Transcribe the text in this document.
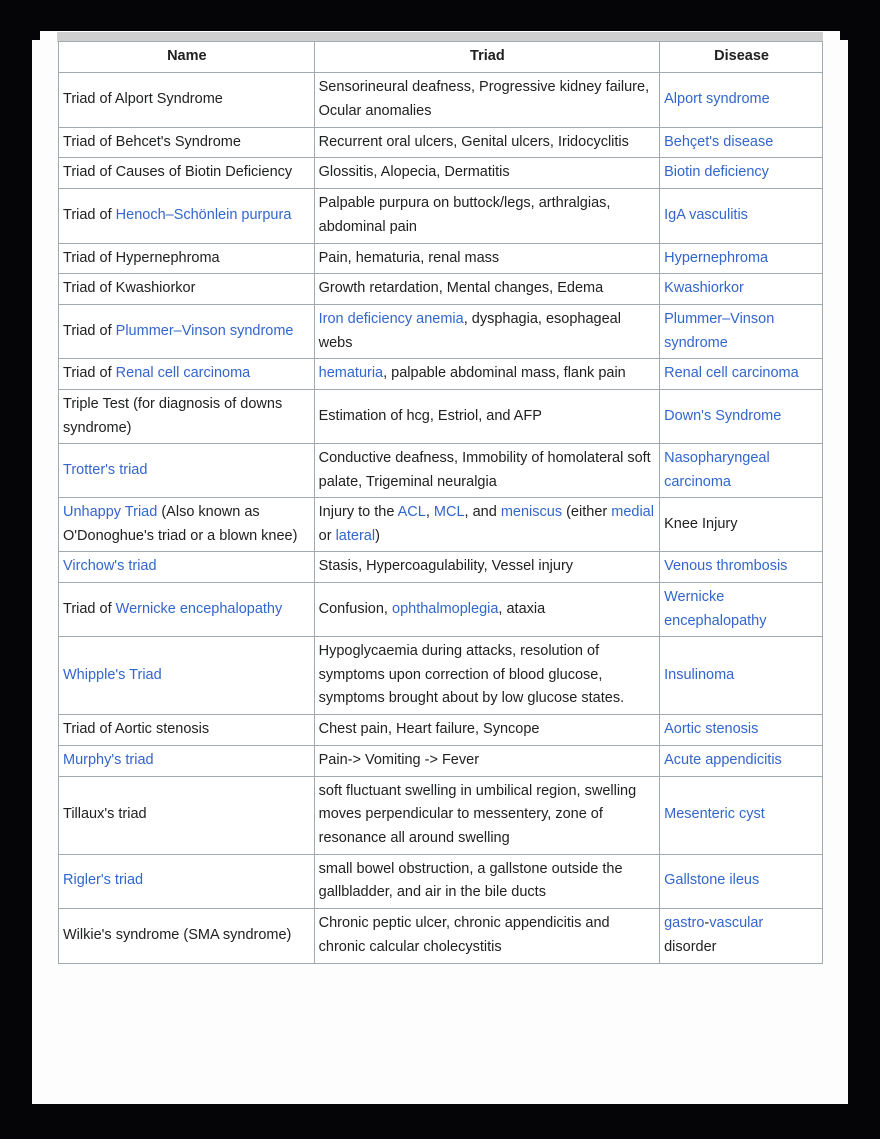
Name	Triad	Disease
Triad of Alport Syndrome	Sensorineural deafness, Progressive kidney failure, Ocular anomalies	Alport syndrome
Triad of Behcet's Syndrome	Recurrent oral ulcers, Genital ulcers, Iridocyclitis	Behçet's disease
Triad of Causes of Biotin Deficiency	Glossitis, Alopecia, Dermatitis	Biotin deficiency
Triad of Henoch–Schönlein purpura	Palpable purpura on buttock/legs, arthralgias, abdominal pain	IgA vasculitis
Triad of Hypernephroma	Pain, hematuria, renal mass	Hypernephroma
Triad of Kwashiorkor	Growth retardation, Mental changes, Edema	Kwashiorkor
Triad of Plummer–Vinson syndrome	Iron deficiency anemia, dysphagia, esophageal webs	Plummer–Vinson syndrome
Triad of Renal cell carcinoma	hematuria, palpable abdominal mass, flank pain	Renal cell carcinoma
Triple Test (for diagnosis of downs syndrome)	Estimation of hcg, Estriol, and AFP	Down's Syndrome
Trotter's triad	Conductive deafness, Immobility of homolateral soft palate, Trigeminal neuralgia	Nasopharyngeal carcinoma
Unhappy Triad (Also known as O'Donoghue's triad or a blown knee)	Injury to the ACL, MCL, and meniscus (either medial or lateral)	Knee Injury
Virchow's triad	Stasis, Hypercoagulability, Vessel injury	Venous thrombosis
Triad of Wernicke encephalopathy	Confusion, ophthalmoplegia, ataxia	Wernicke encephalopathy
Whipple's Triad	Hypoglycaemia during attacks, resolution of symptoms upon correction of blood glucose, symptoms brought about by low glucose states.	Insulinoma
Triad of Aortic stenosis	Chest pain, Heart failure, Syncope	Aortic stenosis
Murphy's triad	Pain-> Vomiting -> Fever	Acute appendicitis
Tillaux's triad	soft fluctuant swelling in umbilical region, swelling moves perpendicular to messentery, zone of resonance all around swelling	Mesenteric cyst
Rigler's triad	small bowel obstruction, a gallstone outside the gallbladder, and air in the bile ducts	Gallstone ileus
Wilkie's syndrome (SMA syndrome)	Chronic peptic ulcer, chronic appendicitis and chronic calcular cholecystitis	gastro-vascular disorder
